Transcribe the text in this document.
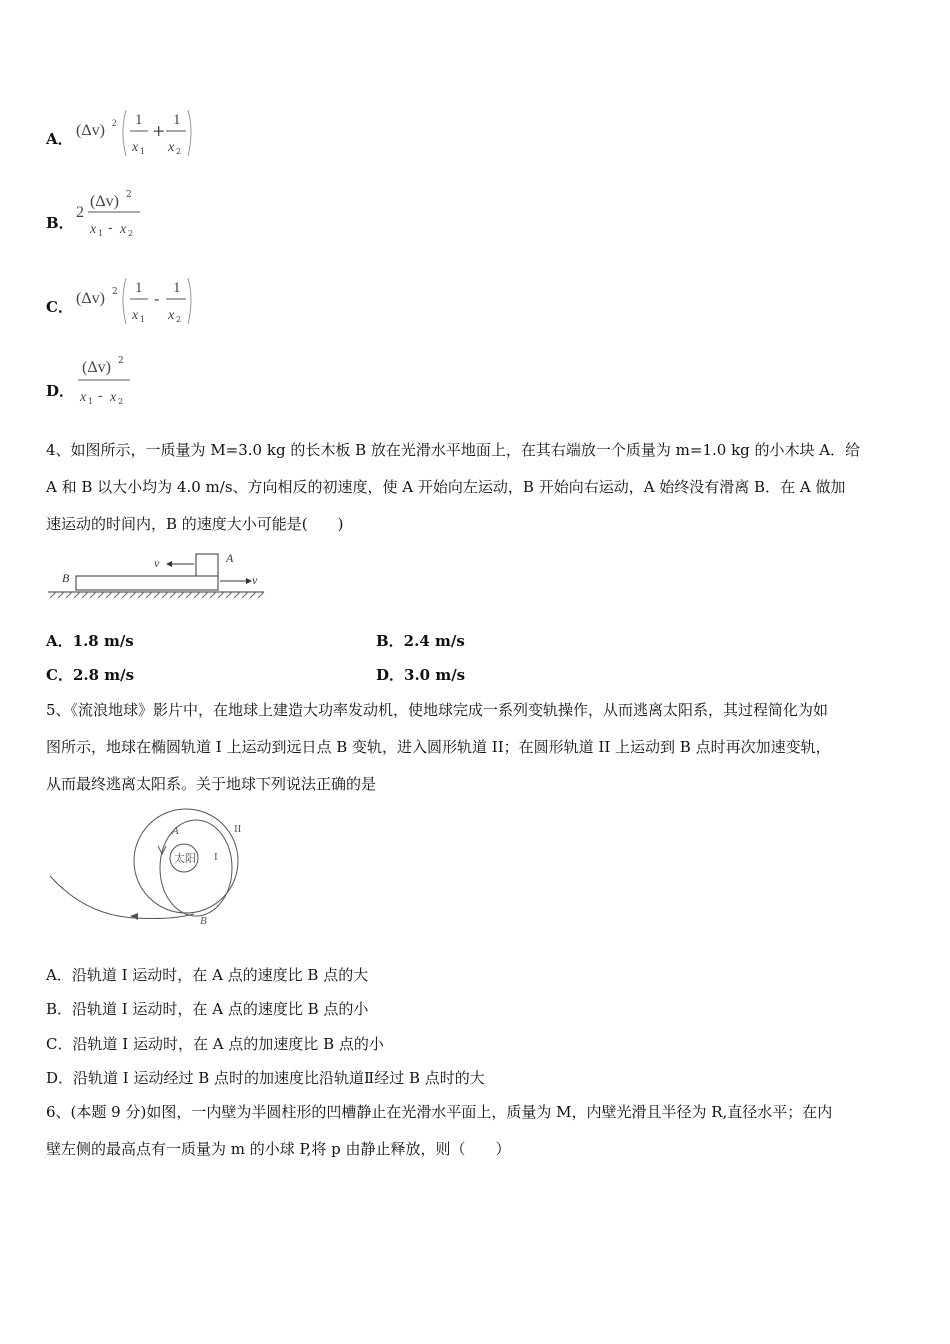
A． (Δv) 2 1
x 1
+
1
x 2
B．
2
(Δv) 2
x 1 - x 2
C． (Δv) 2 1
x 1
-
1
x 2
D．
(Δv) 2
x 1 - x 2
4、如图所示，一质量为 M=3.0 kg 的长木板 B 放在光滑水平地面上，在其右端放一个质量为 m=1.0 kg 的小木块 A．给
A 和 B 以大小均为 4.0 m/s、方向相反的初速度，使 A 开始向左运动，B 开始向右运动，A 始终没有滑离 B．在 A 做加
速运动的时间内，B 的速度大小可能是(　　)
B
A
v
v
A．1.8 m/s	B．2.4 m/s
C．2.8 m/s	D．3.0 m/s
5、《流浪地球》影片中，在地球上建造大功率发动机，使地球完成一系列变轨操作，从而逃离太阳系，其过程简化为如
图所示，地球在椭圆轨道 I 上运动到远日点 B 变轨，进入圆形轨道 II；在圆形轨道 II 上运动到 B 点时再次加速变轨，
从而最终逃离太阳系。关于地球下列说法正确的是
太阳
A
B
I
II
A．沿轨道 I 运动时，在 A 点的速度比 B 点的大
B．沿轨道 I 运动时，在 A 点的速度比 B 点的小
C．沿轨道 I 运动时，在 A 点的加速度比 B 点的小
D．沿轨道 I 运动经过 B 点时的加速度比沿轨道Ⅱ经过 B 点时的大
6、(本题 9 分)如图，一内壁为半圆柱形的凹槽静止在光滑水平面上，质量为 M，内壁光滑且半径为 R,直径水平；在内
壁左侧的最高点有一质量为 m 的小球 P,将 p 由静止释放，则（　　）
